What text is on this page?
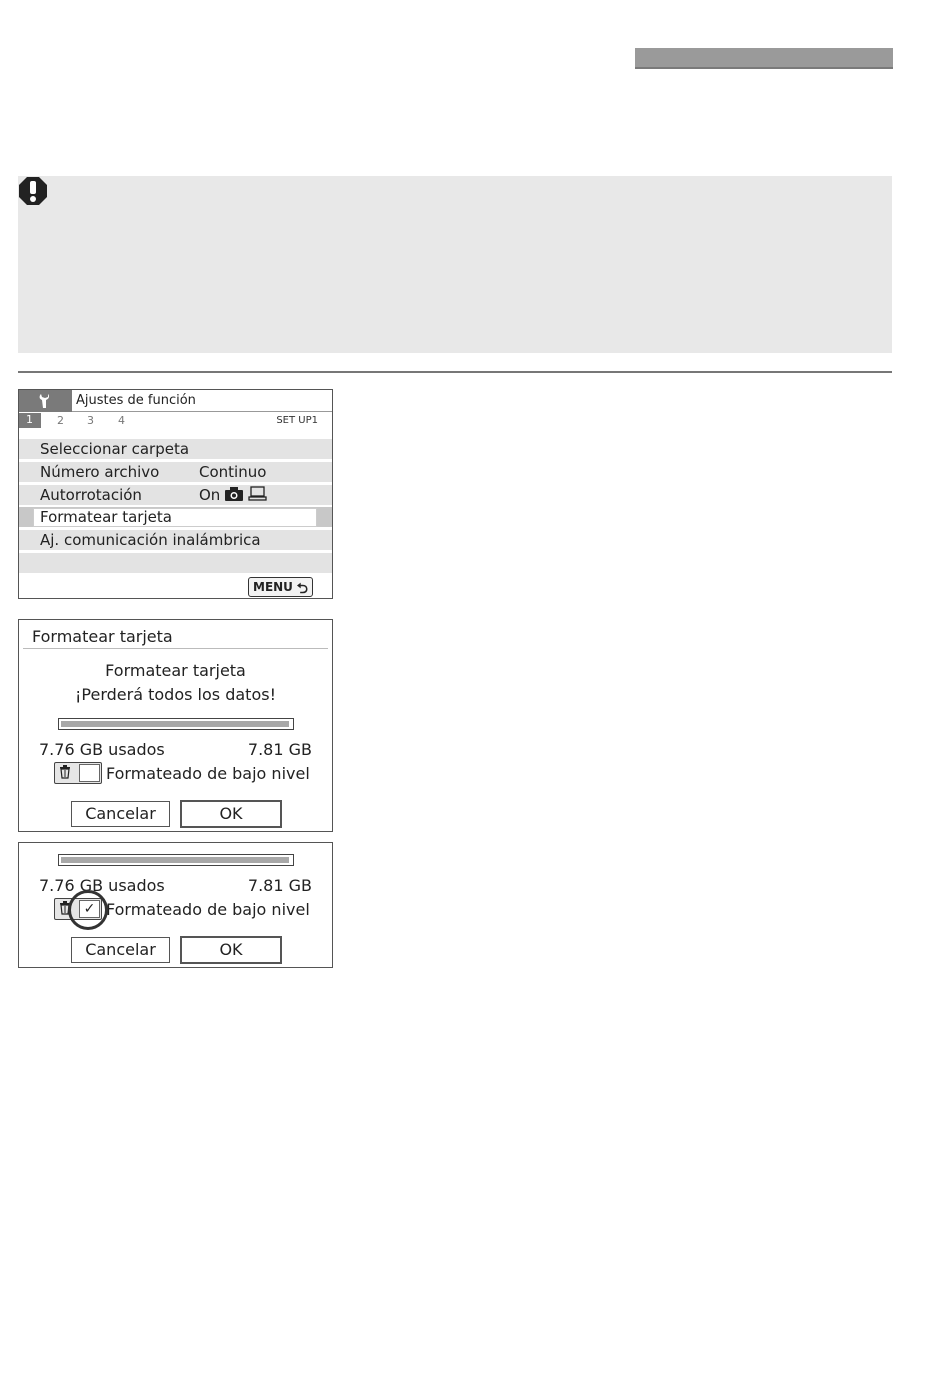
Ajustes de función
1	2 3 4	SET UP1
Seleccionar carpeta
Número archivo	Continuo
Autorrotación	On
Formatear tarjeta
Aj. comunicación inalámbrica
MENU ⮌
Formatear tarjeta
Formatear tarjeta
¡Perderá todos los datos!
7.76 GB usados	7.81 GB
Formateado de bajo nivel
Cancelar	OK
7.76 GB usados	7.81 GB
✓ Formateado de bajo nivel
Cancelar	OK
